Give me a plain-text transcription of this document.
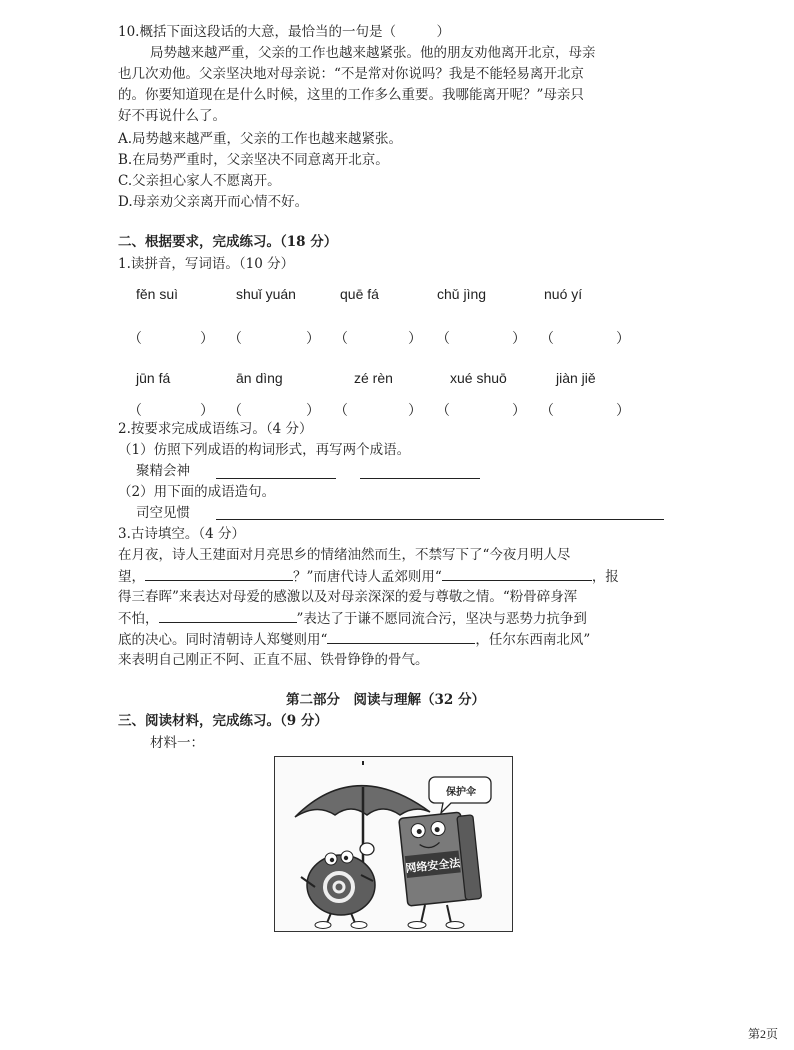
10.概括下面这段话的大意，最恰当的一句是（　　　）
局势越来越严重，父亲的工作也越来越紧张。他的朋友劝他离开北京，母亲
也几次劝他。父亲坚决地对母亲说：“不是常对你说吗？我是不能轻易离开北京
的。你要知道现在是什么时候，这里的工作多么重要。我哪能离开呢？”母亲只
好不再说什么了。
A.局势越来越严重，父亲的工作也越来越紧张。
B.在局势严重时，父亲坚决不同意离开北京。
C.父亲担心家人不愿离开。
D.母亲劝父亲离开而心情不好。
二、根据要求，完成练习。（18 分）
1.读拼音，写词语。（10 分）
fěn suì	shuǐ yuán	quē fá	chǔ jìng	nuó yí
（	） （	） （	） （	） （	）
jūn fá	ān dìng	zé rèn	xué shuō	jiàn jiě
（	） （	） （	） （	） （	）
2.按要求完成成语练习。（4 分）
（1）仿照下列成语的构词形式，再写两个成语。
聚精会神
（2）用下面的成语造句。
司空见惯
3.古诗填空。（4 分）
在月夜，诗人王建面对月亮思乡的情绪油然而生，不禁写下了“今夜月明人尽
望，	？”而唐代诗人孟郊则用“	，报
得三春晖”来表达对母爱的感激以及对母亲深深的爱与尊敬之情。“粉骨碎身浑
不怕，	”表达了于谦不愿同流合污，坚决与恶势力抗争到
底的决心。同时清朝诗人郑燮则用“	，任尔东西南北风”
来表明自己刚正不阿、正直不屈、铁骨铮铮的骨气。
第二部分　阅读与理解（32 分）
三、阅读材料，完成练习。（9 分）
材料一：
网络安全法
保护伞
第2页
